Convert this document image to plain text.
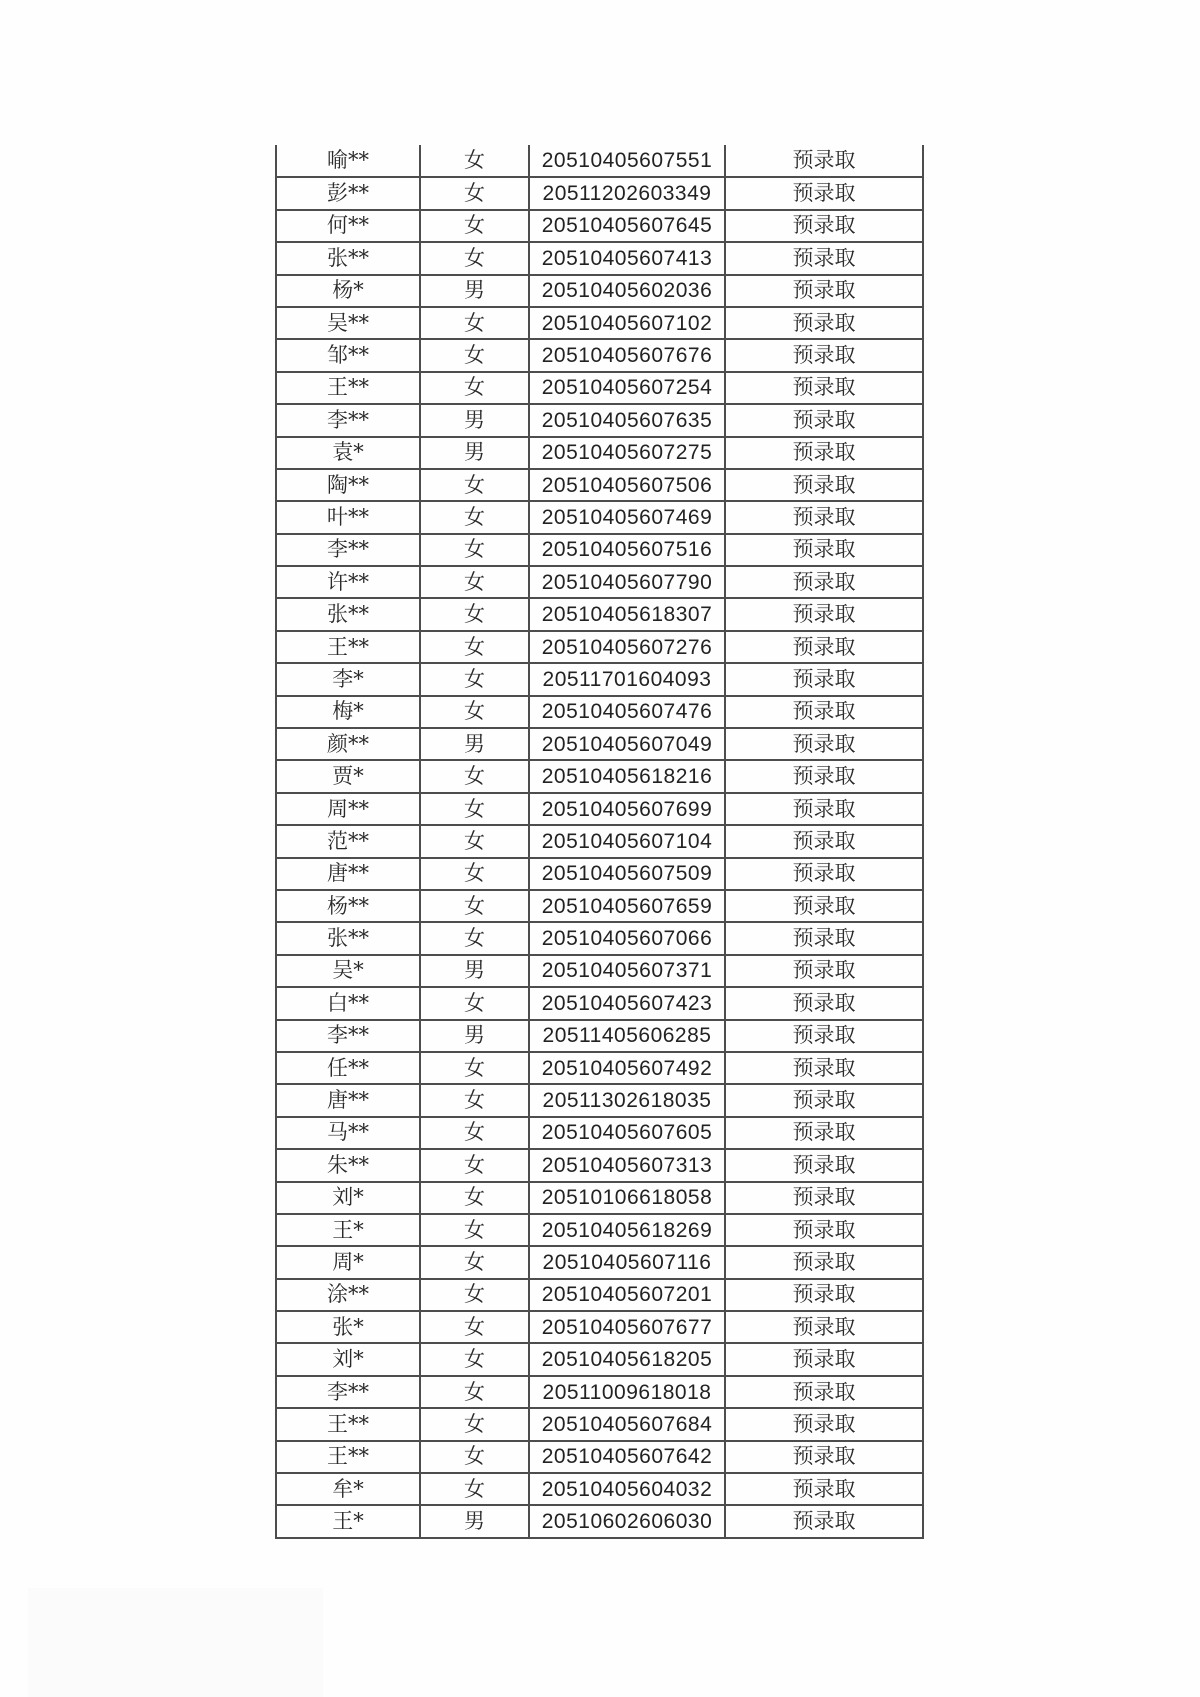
喻**	女	20510405607551	预录取
彭**	女	20511202603349	预录取
何**	女	20510405607645	预录取
张**	女	20510405607413	预录取
杨*	男	20510405602036	预录取
吴**	女	20510405607102	预录取
邹**	女	20510405607676	预录取
王**	女	20510405607254	预录取
李**	男	20510405607635	预录取
袁*	男	20510405607275	预录取
陶**	女	20510405607506	预录取
叶**	女	20510405607469	预录取
李**	女	20510405607516	预录取
许**	女	20510405607790	预录取
张**	女	20510405618307	预录取
王**	女	20510405607276	预录取
李*	女	20511701604093	预录取
梅*	女	20510405607476	预录取
颜**	男	20510405607049	预录取
贾*	女	20510405618216	预录取
周**	女	20510405607699	预录取
范**	女	20510405607104	预录取
唐**	女	20510405607509	预录取
杨**	女	20510405607659	预录取
张**	女	20510405607066	预录取
吴*	男	20510405607371	预录取
白**	女	20510405607423	预录取
李**	男	20511405606285	预录取
任**	女	20510405607492	预录取
唐**	女	20511302618035	预录取
马**	女	20510405607605	预录取
朱**	女	20510405607313	预录取
刘*	女	20510106618058	预录取
王*	女	20510405618269	预录取
周*	女	20510405607116	预录取
涂**	女	20510405607201	预录取
张*	女	20510405607677	预录取
刘*	女	20510405618205	预录取
李**	女	20511009618018	预录取
王**	女	20510405607684	预录取
王**	女	20510405607642	预录取
牟*	女	20510405604032	预录取
王*	男	20510602606030	预录取
